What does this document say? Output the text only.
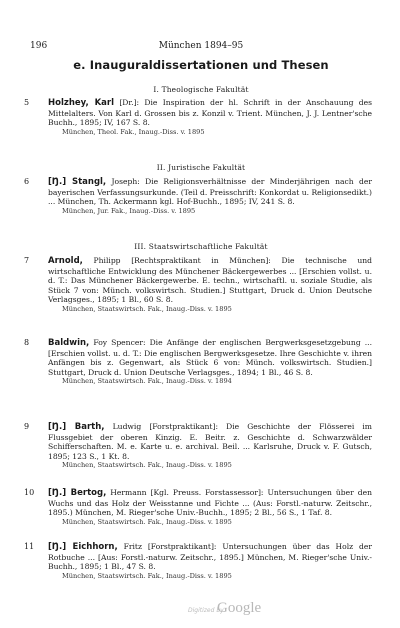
196	München 1894–95
e. Inauguraldissertationen und Thesen
I. Theologische Fakultät
5	Holzhey, Karl [Dr.]: Die Inspiration der hl. Schrift in der Anschauung des Mittelalters. Von Karl d. Grossen bis z. Konzil v. Trient. München, J. J. Lentner'sche Buchh., 1895; IV, 167 S. 8.
München, Theol. Fak., Inaug.-Diss. v. 1895
II. Juristische Fakultät
6	[Ŋ.] Stangl, Joseph: Die Religionsverhältnisse der Minderjährigen nach der bayerischen Verfassungsurkunde. (Teil d. Preisschrift: Konkordat u. Religionsedikt.) ... München, Th. Ackermann kgl. Hof-Buchh., 1895; IV, 241 S. 8.
München, Jur. Fak., Inaug.-Diss. v. 1895
III. Staatswirtschaftliche Fakultät
7	Arnold, Philipp [Rechtspraktikant in München]: Die technische und wirtschaftliche Entwicklung des Münchener Bäckergewerbes ... [Erschien vollst. u. d. T.: Das Münchener Bäckergewerbe. E. techn., wirtschaftl. u. soziale Studie, als Stück 7 von: Münch. volkswirtsch. Studien.] Stuttgart, Druck d. Union Deutsche Verlagsges., 1895; 1 Bl., 60 S. 8.
München, Staatswirtsch. Fak., Inaug.-Diss. v. 1895
8	Baldwin, Foy Spencer: Die Anfänge der englischen Bergwerksgesetzgebung ... [Erschien vollst. u. d. T.: Die englischen Bergwerksgesetze. Ihre Geschichte v. ihren Anfängen bis z. Gegenwart, als Stück 6 von: Münch. volkswirtsch. Studien.] Stuttgart, Druck d. Union Deutsche Verlagsges., 1894; 1 Bl., 46 S. 8.
München, Staatswirtsch. Fak., Inaug.-Diss. v. 1894
9	[Ŋ.] Barth, Ludwig [Forstpraktikant]: Die Geschichte der Flösserei im Flussgebiet der oberen Kinzig. E. Beitr. z. Geschichte d. Schwarzwälder Schifferschaften. M. e. Karte u. e. archival. Beil. ... Karlsruhe, Druck v. F. Gutsch, 1895; 123 S., 1 Kt. 8.
München, Staatswirtsch. Fak., Inaug.-Diss. v. 1895
10	[Ŋ.] Bertog, Hermann [Kgl. Preuss. Forstassessor]: Untersuchungen über den Wuchs und das Holz der Weisstanne und Fichte ... (Aus: Forstl.-naturw. Zeitschr., 1895.) München, M. Rieger'sche Univ.-Buchh., 1895; 2 Bl., 56 S., 1 Taf. 8.
München, Staatswirtsch. Fak., Inaug.-Diss. v. 1895
11	[Ŋ.] Eichhorn, Fritz [Forstpraktikant]: Untersuchungen über das Holz der Rotbuche ... [Aus: Forstl.-naturw. Zeitschr., 1895.] München, M. Rieger'sche Univ.-Buchh., 1895; 1 Bl., 47 S. 8.
München, Staatswirtsch. Fak., Inaug.-Diss. v. 1895
Digitized by
Google
